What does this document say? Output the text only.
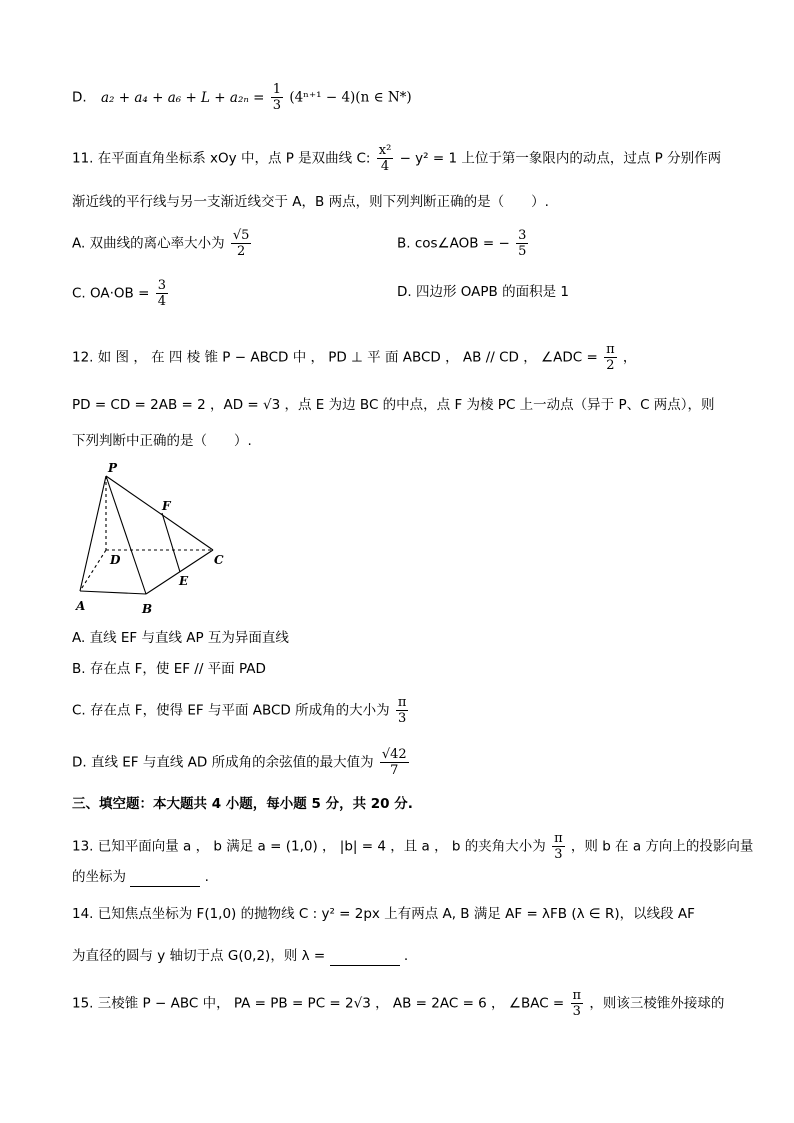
D. $a_2 + a_4 + a_6 + L + a_{2n} = \frac{1}{3} (4^{n+1} - 4)(n$ ∈ N*)
11. 在平面直角坐标系 xOy 中，点 P 是双曲线 C: $\frac{\text{x²}}{4} - y^2 = 1$ 上位于第一象限内的动点，过点 P 分别作两
渐近线的平行线与另一支渐近线交于 A，B 两点，则下列判断正确的是（　　）.
A. 双曲线的离心率大小为 $\frac{√5}{2}$	B. cos∠AOB = − $\frac{3}{5}$
C. $OA\cdot OB = \frac{3}{4}$	D. 四边形 OAPB 的面积是 1
12. 如 图 ， 在 四 棱 锥 P − ABCD 中 ， PD ⊥ 平 面 ABCD ， AB // CD ， ∠ADC = $\frac{\pi}{2}$ ，
PD = CD = 2AB = 2 ，AD = √3 ，点 E 为边 BC 的中点，点 F 为棱 PC 上一动点（异于 P、C 两点），则
下列判断中正确的是（　　）.
P
F
D	C
E
A	B
A. 直线 EF 与直线 AP 互为异面直线
B. 存在点 F，使 EF // 平面 PAD
C. 存在点 F，使得 EF 与平面 ABCD 所成角的大小为 $\frac{\pi}{3}$
D. 直线 EF 与直线 AD 所成角的余弦值的最大值为 $\frac{√42}{7}$
三、填空题：本大题共 4 小题，每小题 5 分，共 20 分.
13. 已知平面向量 a ， b 满足 a = (1,0) ， |b| = 4 ，且 a ， b 的夹角大小为 $\frac{\pi}{3}$ ，则 b 在 a 方向上的投影向量
的坐标为	.
14. 已知焦点坐标为 F(1,0) 的抛物线 C : y² = 2px 上有两点 A, B 满足 AF = λFB (λ ∈ R)，以线段 AF
为直径的圆与 y 轴切于点 G(0,2)，则 λ =	.
15. 三棱锥 P − ABC 中， PA = PB = PC = 2√3 ， AB = 2AC = 6 ， ∠BAC = $\frac{\pi}{3}$ ，则该三棱锥外接球的
